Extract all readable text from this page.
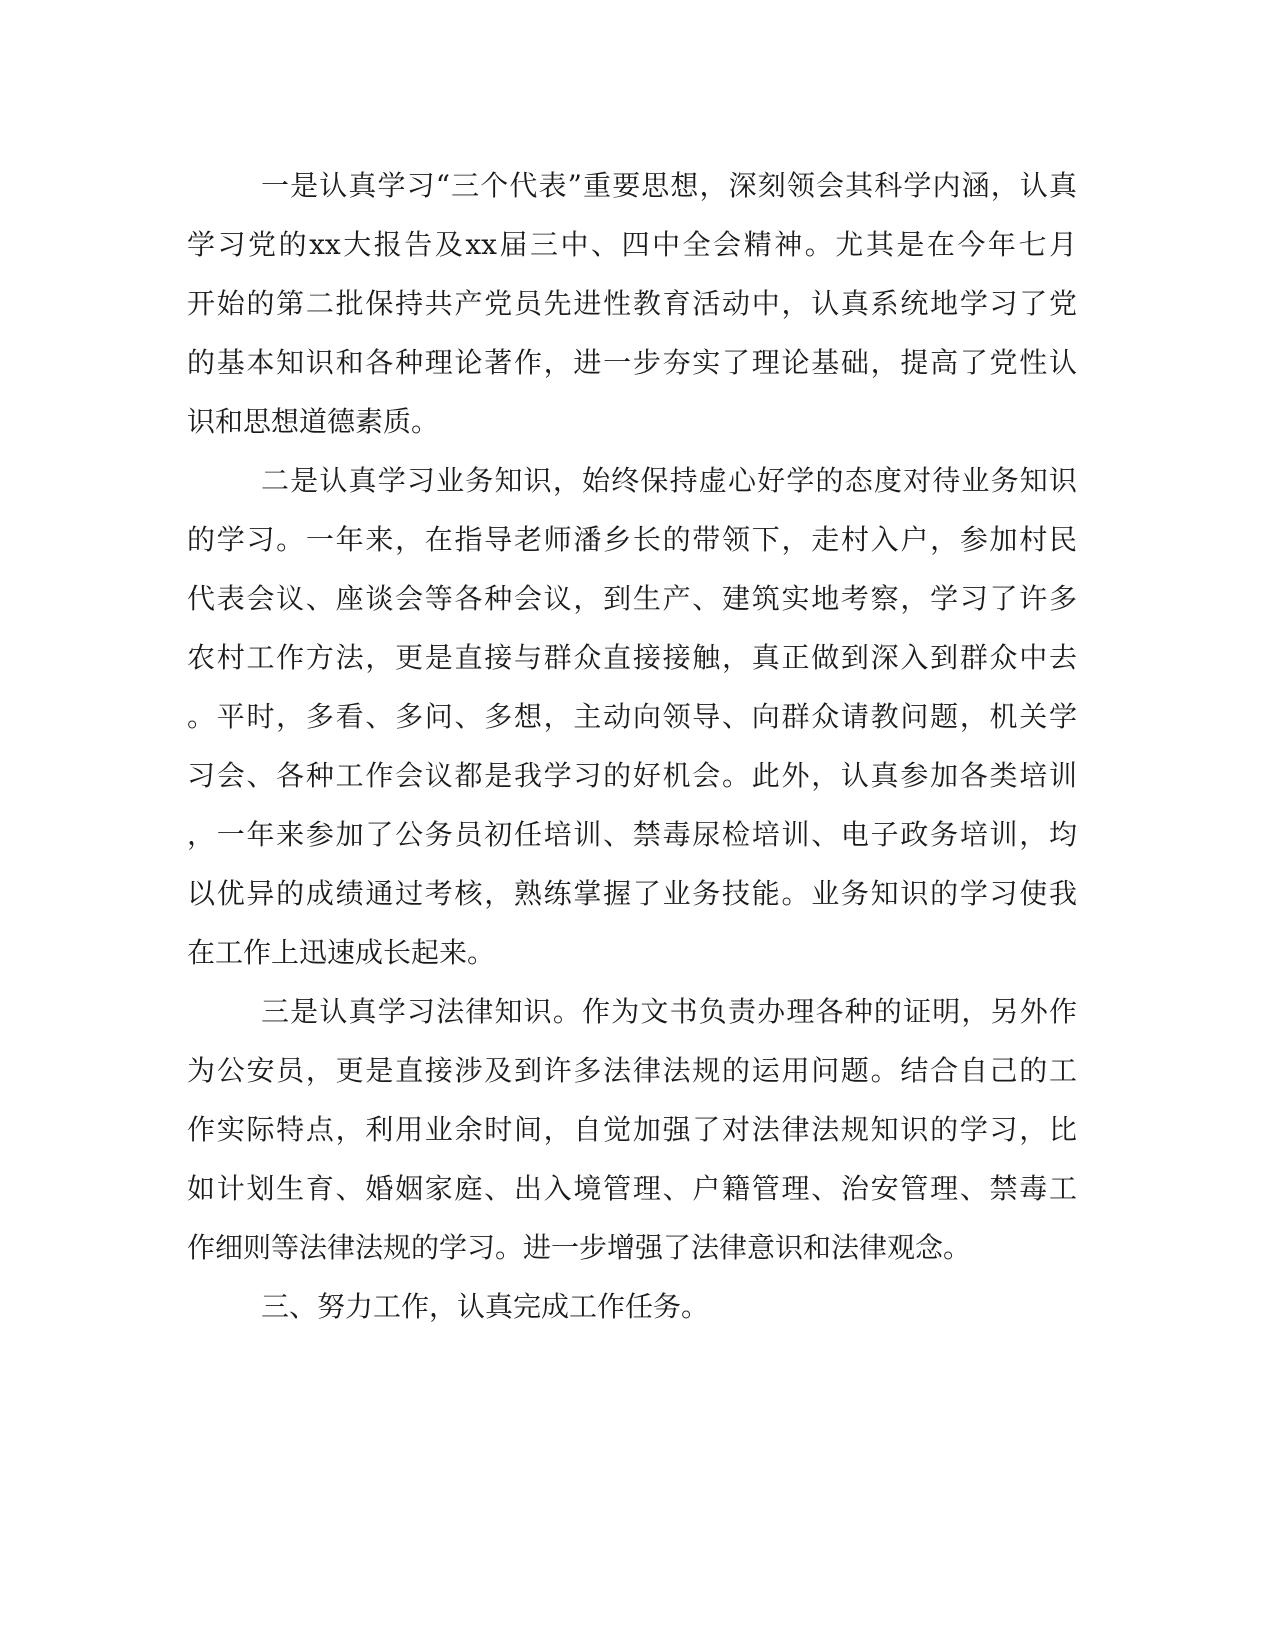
一是认真学习“三个代表”重要思想，深刻领会其科学内涵，认真
学习党的xx大报告及xx届三中、四中全会精神。尤其是在今年七月
开始的第二批保持共产党员先进性教育活动中，认真系统地学习了党
的基本知识和各种理论著作，进一步夯实了理论基础，提高了党性认
识和思想道德素质。
二是认真学习业务知识，始终保持虚心好学的态度对待业务知识
的学习。一年来，在指导老师潘乡长的带领下，走村入户，参加村民
代表会议、座谈会等各种会议，到生产、建筑实地考察，学习了许多
农村工作方法，更是直接与群众直接接触，真正做到深入到群众中去
。平时，多看、多问、多想，主动向领导、向群众请教问题，机关学
习会、各种工作会议都是我学习的好机会。此外，认真参加各类培训
，一年来参加了公务员初任培训、禁毒尿检培训、电子政务培训，均
以优异的成绩通过考核，熟练掌握了业务技能。业务知识的学习使我
在工作上迅速成长起来。
三是认真学习法律知识。作为文书负责办理各种的证明，另外作
为公安员，更是直接涉及到许多法律法规的运用问题。结合自己的工
作实际特点，利用业余时间，自觉加强了对法律法规知识的学习，比
如计划生育、婚姻家庭、出入境管理、户籍管理、治安管理、禁毒工
作细则等法律法规的学习。进一步增强了法律意识和法律观念。
三、努力工作，认真完成工作任务。
